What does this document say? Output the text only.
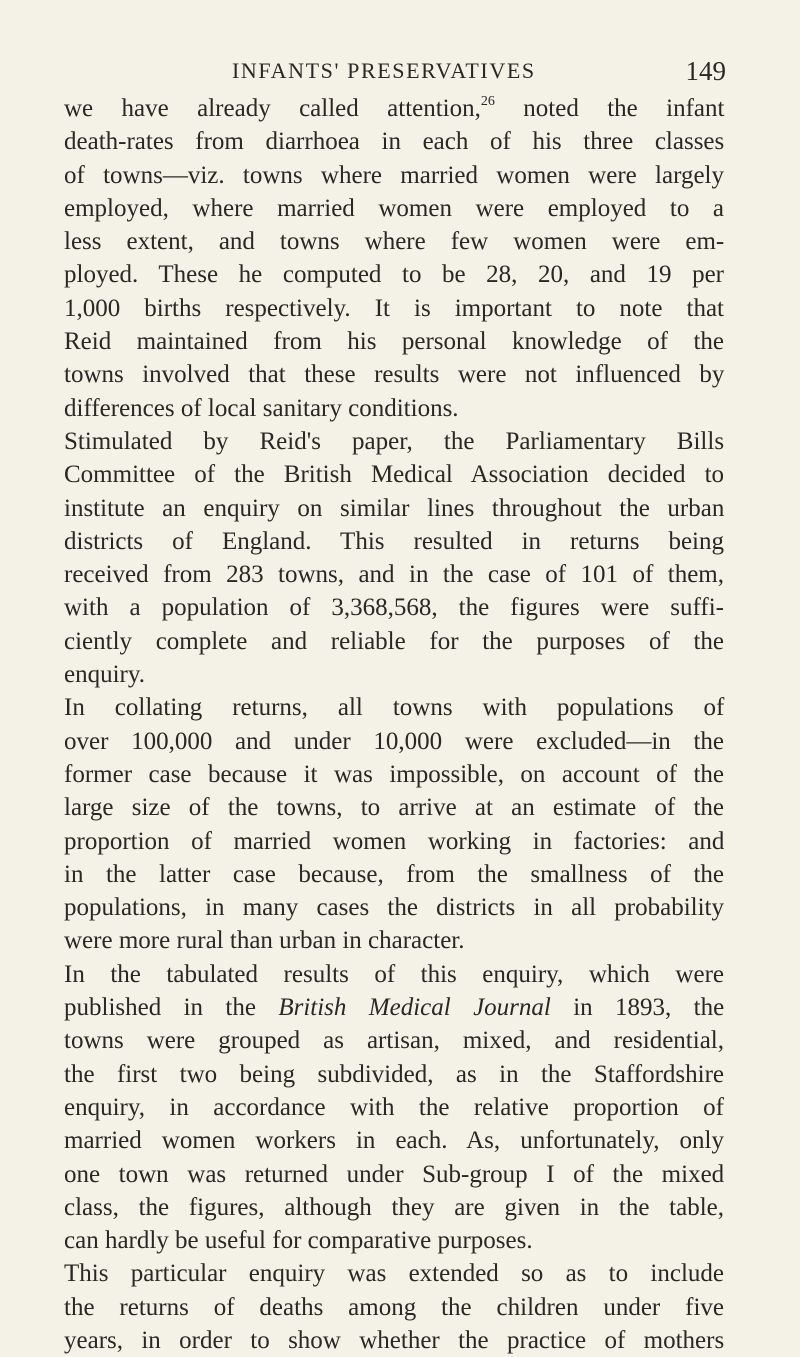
INFANTS' PRESERVATIVES	149
we have already called attention,$^{26}$ noted the infant
death-rates from diarrhoea in each of his three classes
of towns—viz. towns where married women were largely
employed, where married women were employed to a
less extent, and towns where few women were em-
ployed. These he computed to be 28, 20, and 19 per
1,000 births respectively. It is important to note that
Reid maintained from his personal knowledge of the
towns involved that these results were not influenced by
differences of local sanitary conditions.
Stimulated by Reid's paper, the Parliamentary Bills
Committee of the British Medical Association decided to
institute an enquiry on similar lines throughout the urban
districts of England. This resulted in returns being
received from 283 towns, and in the case of 101 of them,
with a population of 3,368,568, the figures were suffi-
ciently complete and reliable for the purposes of the
enquiry.
In collating returns, all towns with populations of
over 100,000 and under 10,000 were excluded—in the
former case because it was impossible, on account of the
large size of the towns, to arrive at an estimate of the
proportion of married women working in factories: and
in the latter case because, from the smallness of the
populations, in many cases the districts in all probability
were more rural than urban in character.
In the tabulated results of this enquiry, which were
published in the British Medical Journal in 1893, the
towns were grouped as artisan, mixed, and residential,
the first two being subdivided, as in the Staffordshire
enquiry, in accordance with the relative proportion of
married women workers in each. As, unfortunately, only
one town was returned under Sub-group I of the mixed
class, the figures, although they are given in the table,
can hardly be useful for comparative purposes.
This particular enquiry was extended so as to include
the returns of deaths among the children under five
years, in order to show whether the practice of mothers
